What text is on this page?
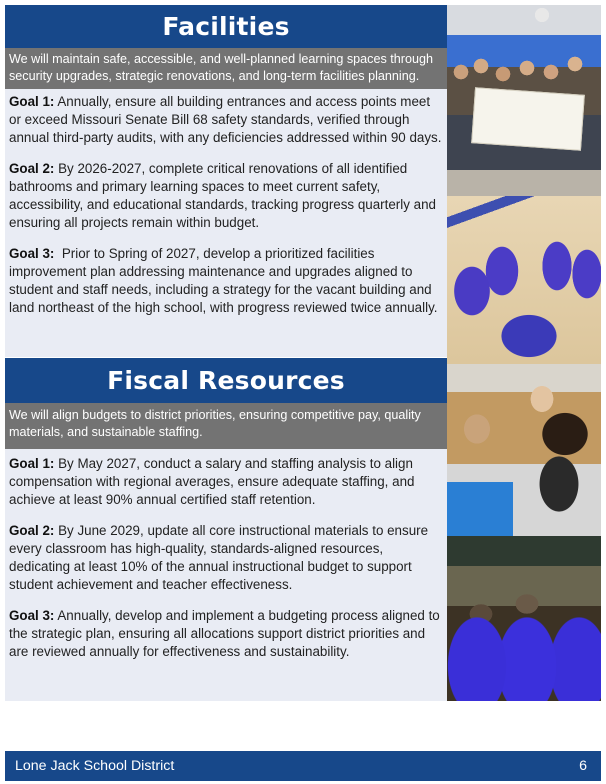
Facilities
We will maintain safe, accessible, and well-planned learning spaces through security upgrades, strategic renovations, and long-term facilities planning.

Goal 1: Annually, ensure all building entrances and access points meet or exceed Missouri Senate Bill 68 safety standards, verified through annual third-party audits, with any deficiencies addressed within 90 days.

Goal 2: By 2026-2027, complete critical renovations of all identified bathrooms and primary learning spaces to meet current safety, accessibility, and educational standards, tracking progress quarterly and ensuring all projects remain within budget.

Goal 3:  Prior to Spring of 2027, develop a prioritized facilities improvement plan addressing maintenance and upgrades aligned to student and staff needs, including a strategy for the vacant building and land northeast of the high school, with progress reviewed twice annually.

Fiscal Resources
We will align budgets to district priorities, ensuring competitive pay, quality materials, and sustainable staffing.

Goal 1: By May 2027, conduct a salary and staffing analysis to align compensation with regional averages, ensure adequate staffing, and achieve at least 90% annual certified staff retention.

Goal 2: By June 2029, update all core instructional materials to ensure every classroom has high-quality, standards-aligned resources, dedicating at least 10% of the annual instructional budget to support student achievement and teacher effectiveness.

Goal 3: Annually, develop and implement a budgeting process aligned to the strategic plan, ensuring all allocations support district priorities and are reviewed annually for effectiveness and sustainability.

Lone Jack School District	6
